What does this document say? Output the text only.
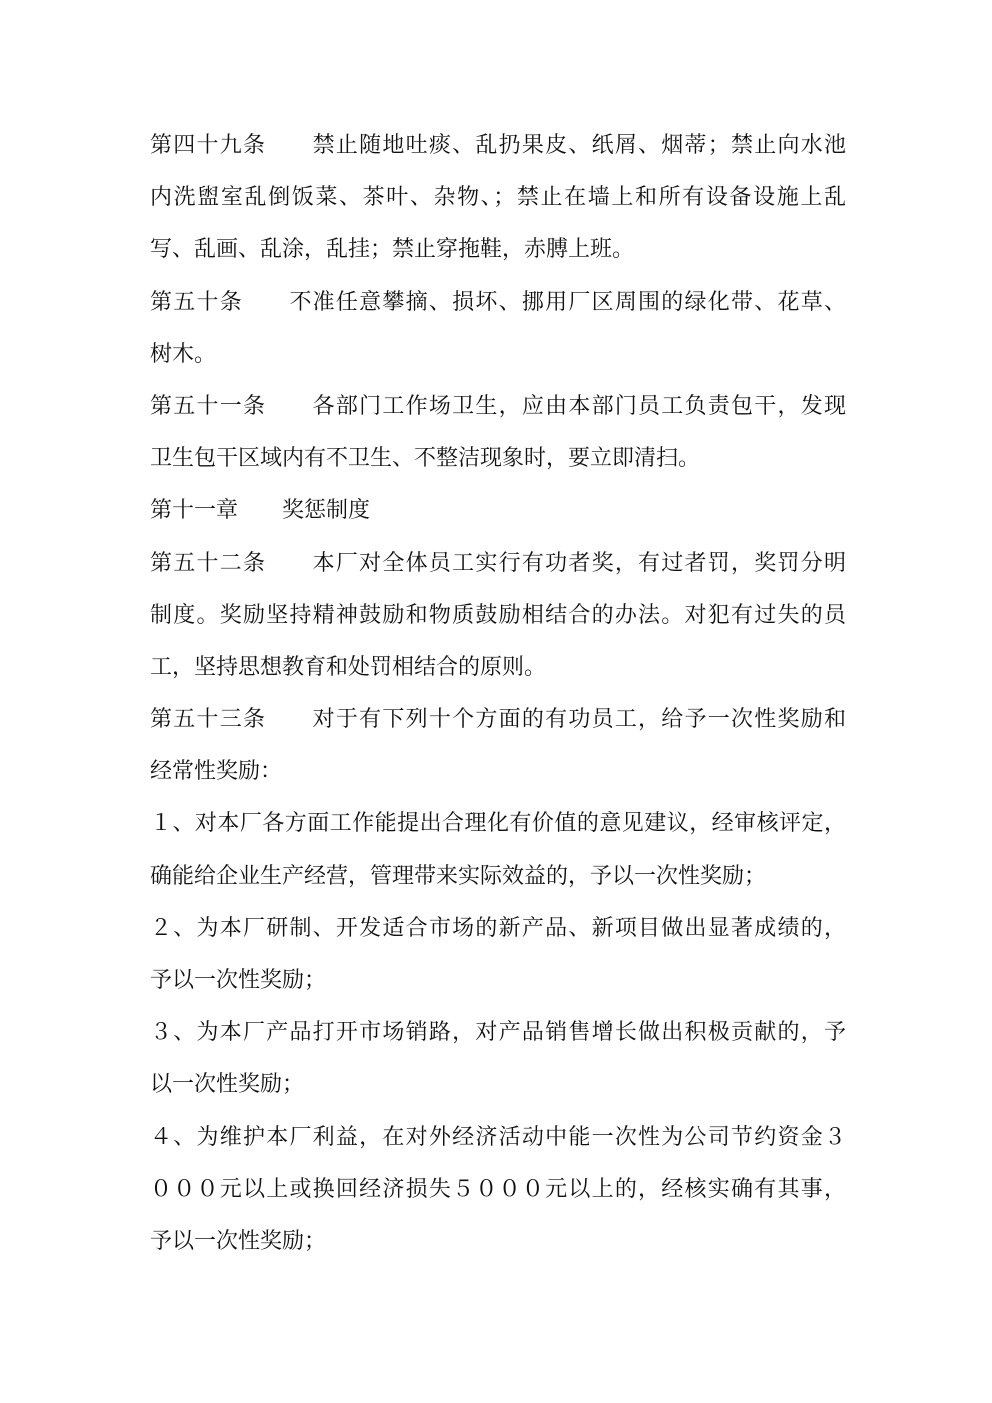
第四十九条　　禁止随地吐痰、乱扔果皮、纸屑、烟蒂；禁止向水池
内洗盥室乱倒饭菜、茶叶、杂物、；禁止在墙上和所有设备设施上乱
写、乱画、乱涂，乱挂；禁止穿拖鞋，赤膊上班。
第五十条　　不准任意攀摘、损坏、挪用厂区周围的绿化带、花草、
树木。
第五十一条　　各部门工作场卫生，应由本部门员工负责包干，发现
卫生包干区域内有不卫生、不整洁现象时，要立即清扫。
第十一章　　奖惩制度
第五十二条　　本厂对全体员工实行有功者奖，有过者罚，奖罚分明
制度。奖励坚持精神鼓励和物质鼓励相结合的办法。对犯有过失的员
工，坚持思想教育和处罚相结合的原则。
第五十三条　　对于有下列十个方面的有功员工，给予一次性奖励和
经常性奖励：
１、对本厂各方面工作能提出合理化有价值的意见建议，经审核评定，
确能给企业生产经营，管理带来实际效益的，予以一次性奖励；
２、为本厂研制、开发适合市场的新产品、新项目做出显著成绩的，
予以一次性奖励；
３、为本厂产品打开市场销路，对产品销售增长做出积极贡献的，予
以一次性奖励；
４、为维护本厂利益，在对外经济活动中能一次性为公司节约资金３
０００元以上或换回经济损失５０００元以上的，经核实确有其事，
予以一次性奖励；
